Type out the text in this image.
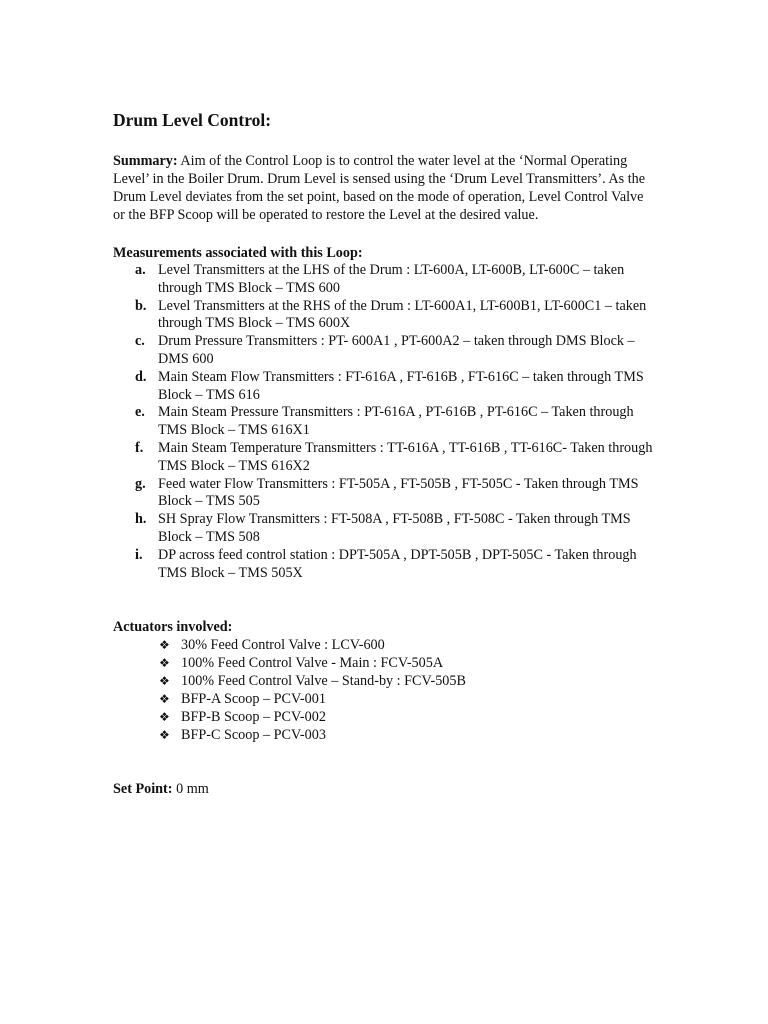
Drum Level Control:

Summary: Aim of the Control Loop is to control the water level at the ‘Normal Operating Level’ in the Boiler Drum. Drum Level is sensed using the ‘Drum Level Transmitters’. As the Drum Level deviates from the set point, based on the mode of operation, Level Control Valve or the BFP Scoop will be operated to restore the Level at the desired value.

Measurements associated with this Loop:
a. Level Transmitters at the LHS of the Drum : LT-600A, LT-600B, LT-600C – taken through TMS Block – TMS 600
b. Level Transmitters at the RHS of the Drum : LT-600A1, LT-600B1, LT-600C1 – taken through TMS Block – TMS 600X
c. Drum Pressure Transmitters : PT- 600A1 , PT-600A2 – taken through DMS Block – DMS 600
d. Main Steam Flow Transmitters : FT-616A , FT-616B , FT-616C – taken through TMS Block – TMS 616
e. Main Steam Pressure Transmitters : PT-616A , PT-616B , PT-616C – Taken through TMS Block – TMS 616X1
f. Main Steam Temperature Transmitters : TT-616A , TT-616B , TT-616C- Taken through TMS Block – TMS 616X2
g. Feed water Flow Transmitters : FT-505A , FT-505B , FT-505C - Taken through TMS Block – TMS 505
h. SH Spray Flow Transmitters : FT-508A , FT-508B , FT-508C - Taken through TMS Block – TMS 508
i. DP across feed control station : DPT-505A , DPT-505B , DPT-505C - Taken through TMS Block – TMS 505X
Actuators involved:
❖ 30% Feed Control Valve : LCV-600
❖ 100% Feed Control Valve - Main : FCV-505A
❖ 100% Feed Control Valve – Stand-by : FCV-505B
❖ BFP-A Scoop – PCV-001
❖ BFP-B Scoop – PCV-002
❖ BFP-C Scoop – PCV-003
Set Point: 0 mm
